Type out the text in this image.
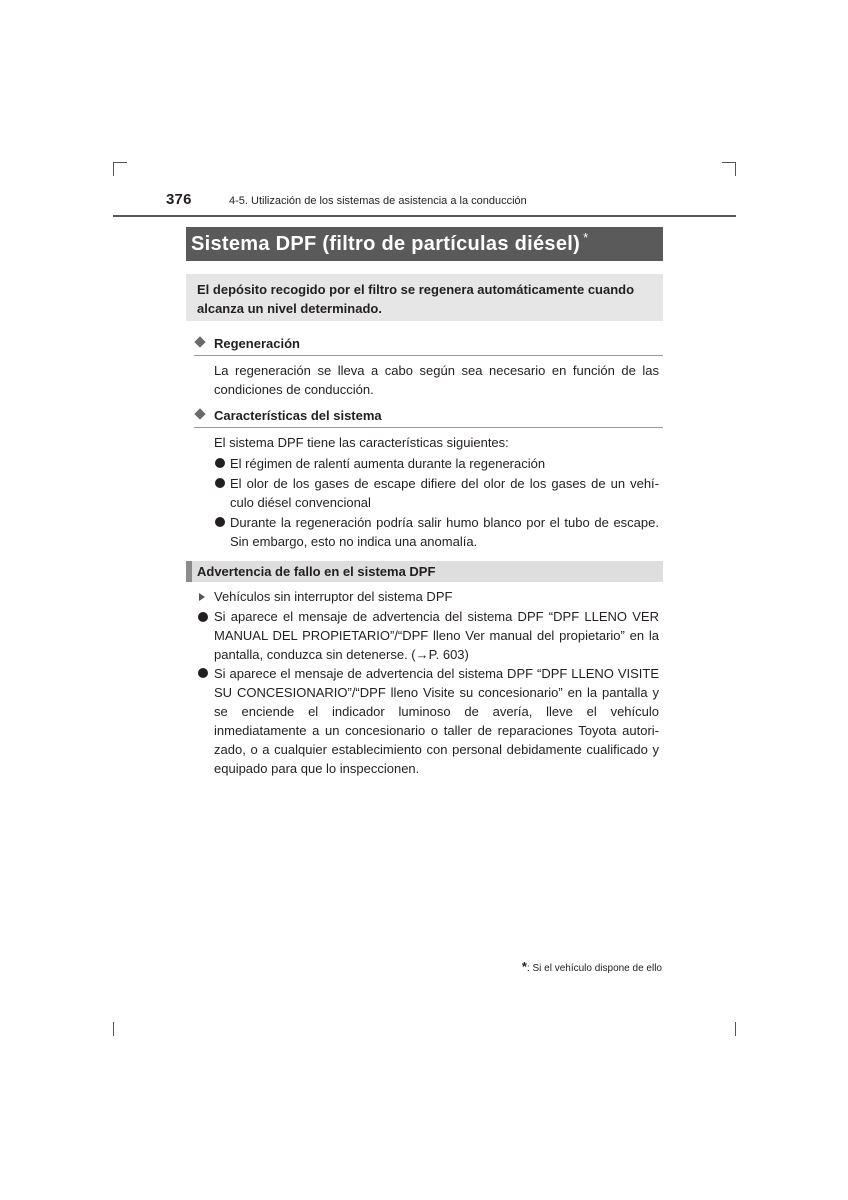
376	4-5. Utilización de los sistemas de asistencia a la conducción
Sistema DPF (filtro de partículas diésel) *
El depósito recogido por el filtro se regenera automáticamente cuando alcanza un nivel determinado.
Regeneración
La regeneración se lleva a cabo según sea necesario en función de las condiciones de conducción.
Características del sistema
El sistema DPF tiene las características siguientes:
El régimen de ralentí aumenta durante la regeneración
El olor de los gases de escape difiere del olor de los gases de un vehí-culo diésel convencional
Durante la regeneración podría salir humo blanco por el tubo de escape. Sin embargo, esto no indica una anomalía.
Advertencia de fallo en el sistema DPF
Vehículos sin interruptor del sistema DPF
Si aparece el mensaje de advertencia del sistema DPF “DPF LLENO VER MANUAL DEL PROPIETARIO”/“DPF lleno Ver manual del propietario” en la pantalla, conduzca sin detenerse. (→P. 603)
Si aparece el mensaje de advertencia del sistema DPF “DPF LLENO VISITE SU CONCESIONARIO”/“DPF lleno Visite su concesionario” en la pantalla y se enciende el indicador luminoso de avería, lleve el vehículo inmediatamente a un concesionario o taller de reparaciones Toyota autori-zado, o a cualquier establecimiento con personal debidamente cualificado y equipado para que lo inspeccionen.
*: Si el vehículo dispone de ello
